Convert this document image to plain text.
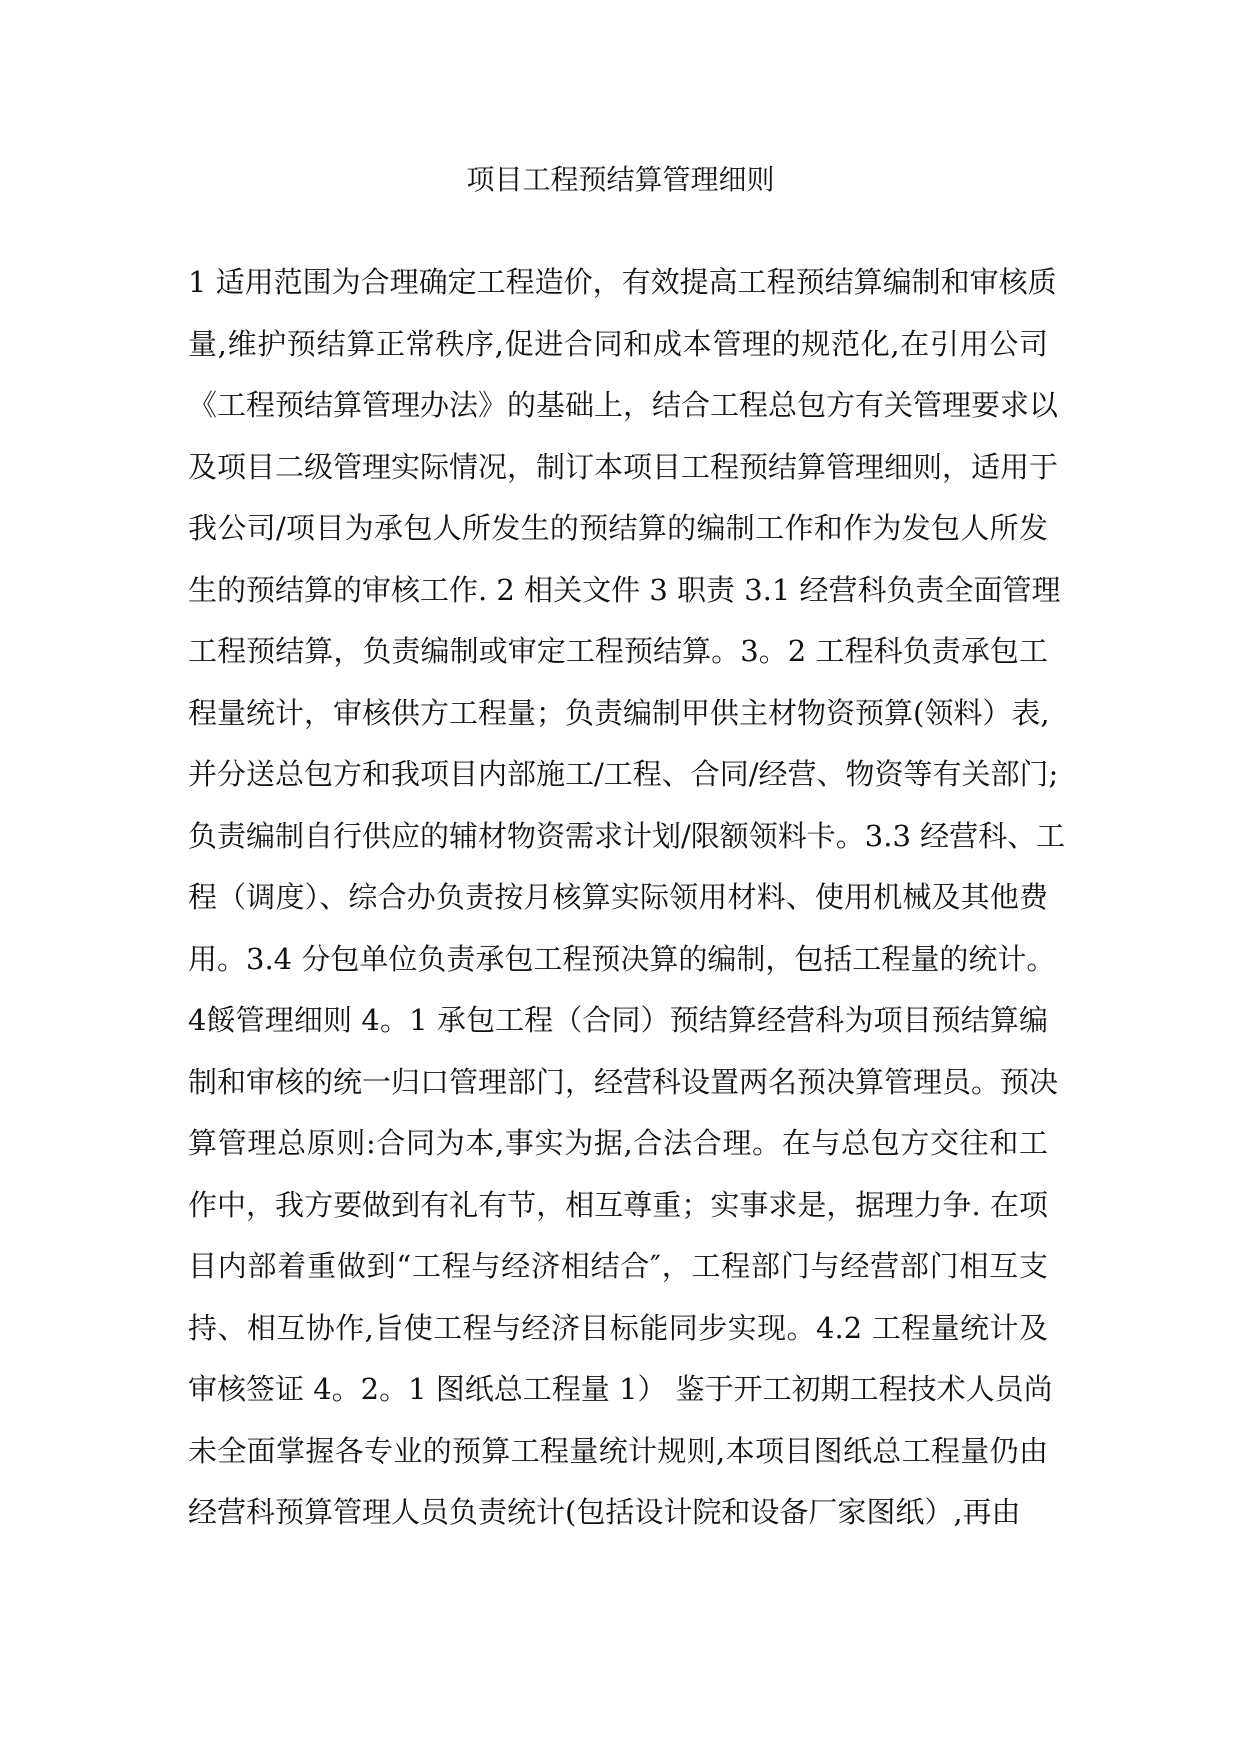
项目工程预结算管理细则
1 适用范围为合理确定工程造价，有效提高工程预结算编制和审核质
量,维护预结算正常秩序,促进合同和成本管理的规范化,在引用公司
《工程预结算管理办法》的基础上，结合工程总包方有关管理要求以
及项目二级管理实际情况，制订本项目工程预结算管理细则，适用于
我公司/项目为承包人所发生的预结算的编制工作和作为发包人所发
生的预结算的审核工作. 2 相关文件 3 职责 3.1 经营科负责全面管理
工程预结算，负责编制或审定工程预结算。3。2 工程科负责承包工
程量统计，审核供方工程量；负责编制甲供主材物资预算(领料）表,
并分送总包方和我项目内部施工/工程、合同/经营、物资等有关部门;
负责编制自行供应的辅材物资需求计划/限额领料卡。3.3 经营科、工
程（调度）、综合办负责按月核算实际领用材料、使用机械及其他费
用。3.4 分包单位负责承包工程预决算的编制，包括工程量的统计。
4餒管理细则 4。1 承包工程（合同）预结算经营科为项目预结算编
制和审核的统一归口管理部门，经营科设置两名预决算管理员。预决
算管理总原则:合同为本,事实为据,合法合理。在与总包方交往和工
作中，我方要做到有礼有节，相互尊重；实事求是，据理力争. 在项
目内部着重做到“工程与经济相结合″，工程部门与经营部门相互支
持、相互协作,旨使工程与经济目标能同步实现。4.2 工程量统计及
审核签证 4。2。1 图纸总工程量 1） 鉴于开工初期工程技术人员尚
未全面掌握各专业的预算工程量统计规则,本项目图纸总工程量仍由
经营科预算管理人员负责统计(包括设计院和设备厂家图纸）,再由
